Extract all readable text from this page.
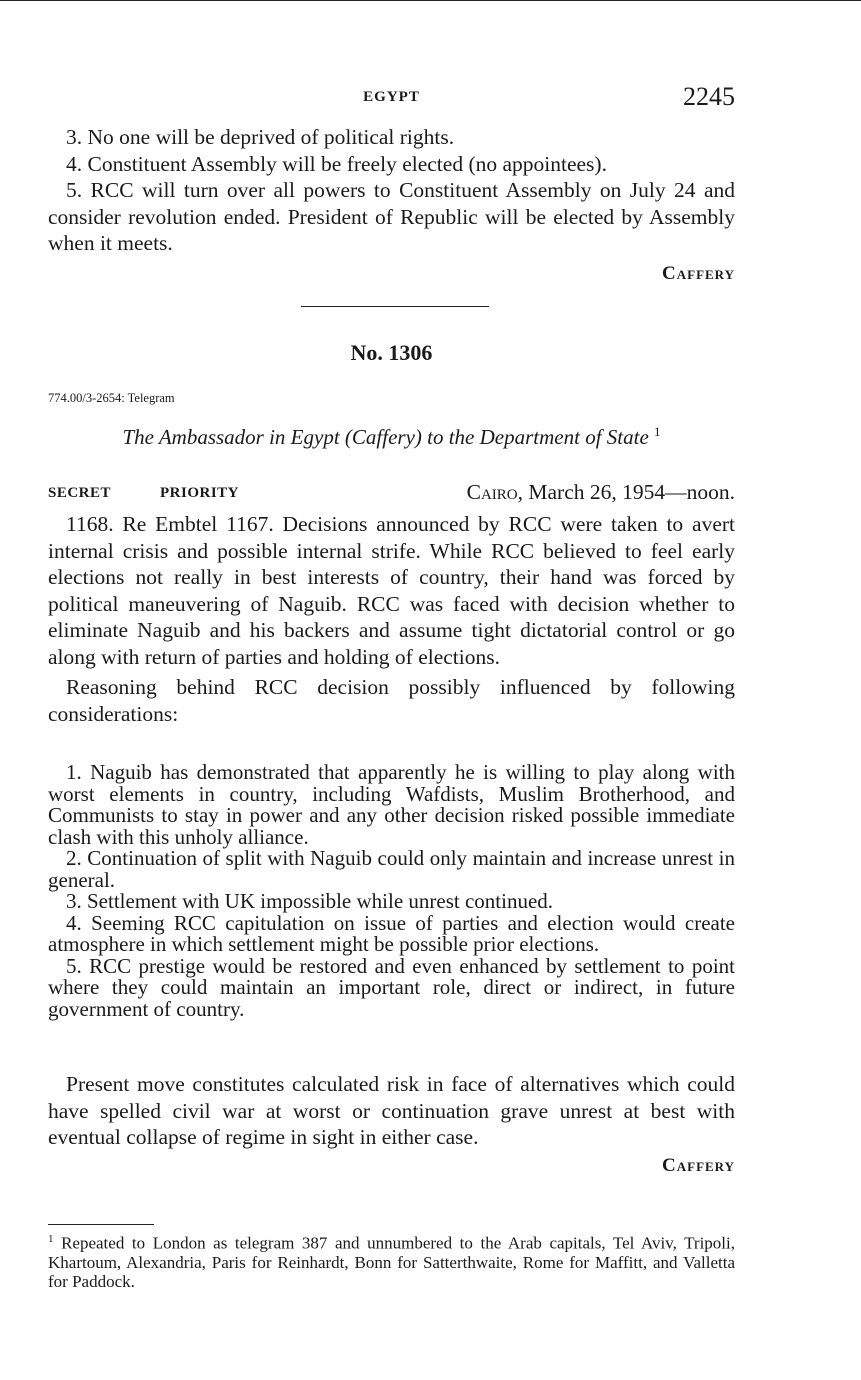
EGYPT	2245

3. No one will be deprived of political rights.

4. Constituent Assembly will be freely elected (no appointees).

5. RCC will turn over all powers to Constituent Assembly on July 24 and consider revolution ended. President of Republic will be elected by Assembly when it meets.

Caffery
No. 1306
774.00/3-2654: Telegram
The Ambassador in Egypt (Caffery) to the Department of State $^1$
SECRET	PRIORITY	Cairo, March 26, 1954—noon.

1168. Re Embtel 1167. Decisions announced by RCC were taken to avert internal crisis and possible internal strife. While RCC believed to feel early elections not really in best interests of country, their hand was forced by political maneuvering of Naguib. RCC was faced with decision whether to eliminate Naguib and his backers and assume tight dictatorial control or go along with return of parties and holding of elections.

Reasoning behind RCC decision possibly influenced by following considerations:

1. Naguib has demonstrated that apparently he is willing to play along with worst elements in country, including Wafdists, Muslim Brotherhood, and Communists to stay in power and any other decision risked possible immediate clash with this unholy alliance.

2. Continuation of split with Naguib could only maintain and increase unrest in general.

3. Settlement with UK impossible while unrest continued.

4. Seeming RCC capitulation on issue of parties and election would create atmosphere in which settlement might be possible prior elections.

5. RCC prestige would be restored and even enhanced by settlement to point where they could maintain an important role, direct or indirect, in future government of country.

Present move constitutes calculated risk in face of alternatives which could have spelled civil war at worst or continuation grave unrest at best with eventual collapse of regime in sight in either case.

Caffery
$^1$ Repeated to London as telegram 387 and unnumbered to the Arab capitals, Tel Aviv, Tripoli, Khartoum, Alexandria, Paris for Reinhardt, Bonn for Satterthwaite, Rome for Maffitt, and Valletta for Paddock.
